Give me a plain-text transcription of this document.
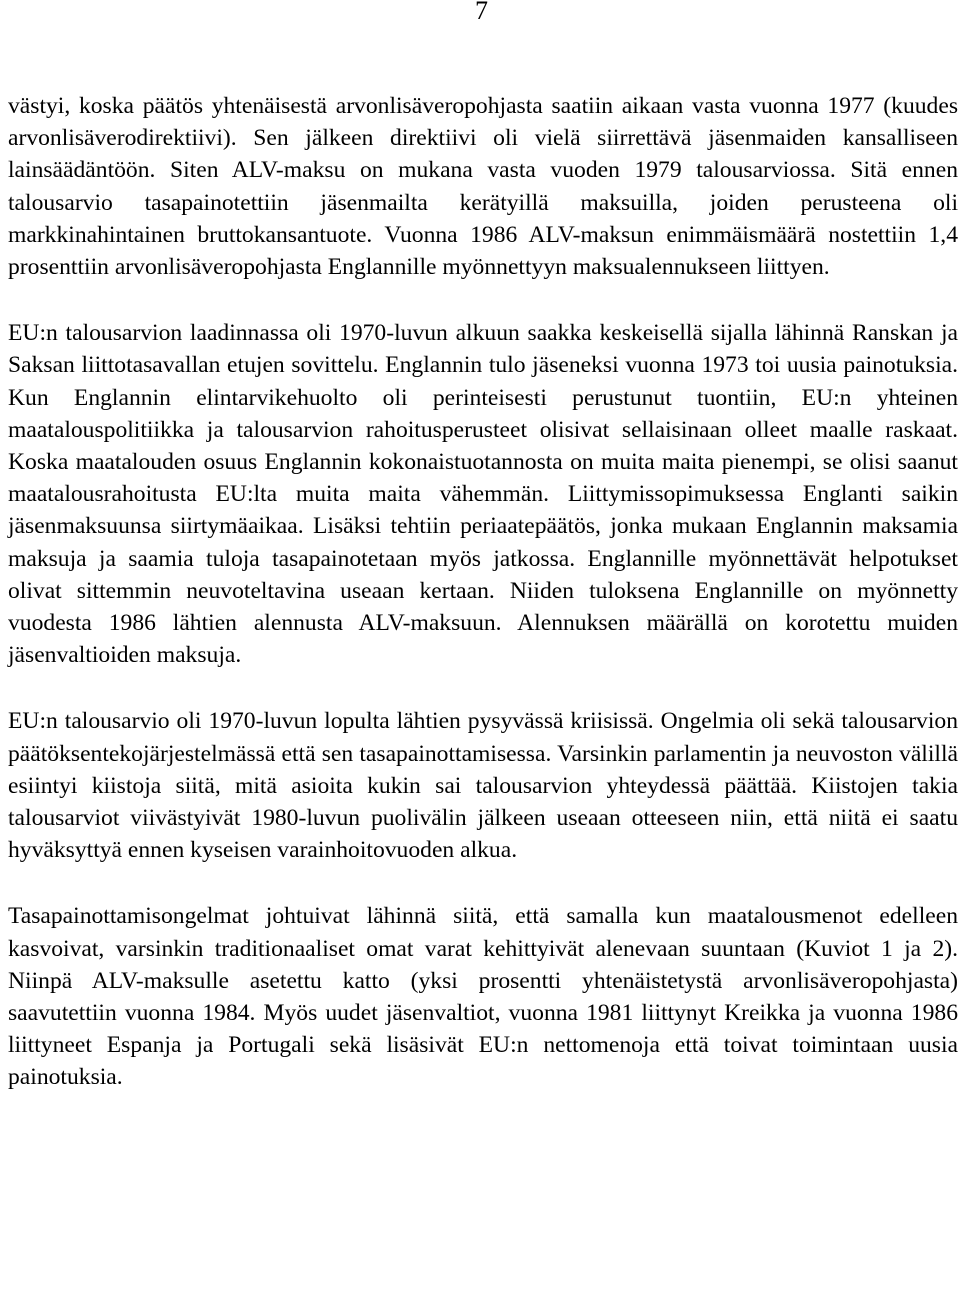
7

västyi, koska päätös yhtenäisestä arvonlisäveropohjasta saatiin aikaan vasta vuonna 1977 (kuudes arvonlisäverodirektiivi). Sen jälkeen direktiivi oli vielä siirrettävä jäsenmaiden kansalliseen lainsäädäntöön. Siten ALV-maksu on mukana vasta vuoden 1979 talousarviossa. Sitä ennen talousarvio tasapainotettiin jäsenmailta kerätyillä maksuilla, joiden perusteena oli markkinahintainen bruttokansantuote. Vuonna 1986 ALV-maksun enimmäismäärä nostettiin 1,4 prosenttiin arvonlisäveropohjasta Englannille myönnettyyn maksualennukseen liittyen.

EU:n talousarvion laadinnassa oli 1970-luvun alkuun saakka keskeisellä sijalla lähinnä Ranskan ja Saksan liittotasavallan etujen sovittelu. Englannin tulo jäseneksi vuonna 1973 toi uusia painotuksia. Kun Englannin elintarvikehuolto oli perinteisesti perustunut tuontiin, EU:n yhteinen maatalouspolitiikka ja talousarvion rahoitusperusteet olisivat sellaisinaan olleet maalle raskaat. Koska maatalouden osuus Englannin kokonaistuotannosta on muita maita pienempi, se olisi saanut maatalousrahoitusta EU:lta muita maita vähemmän. Liittymissopimuksessa Englanti saikin jäsenmaksuunsa siirtymäaikaa. Lisäksi tehtiin periaatepäätös, jonka mukaan Englannin maksamia maksuja ja saamia tuloja tasapainotetaan myös jatkossa. Englannille myönnettävät helpotukset olivat sittemmin neuvoteltavina useaan kertaan. Niiden tuloksena Englannille on myönnetty vuodesta 1986 lähtien alennusta ALV-maksuun. Alennuksen määrällä on korotettu muiden jäsenvaltioiden maksuja.

EU:n talousarvio oli 1970-luvun lopulta lähtien pysyvässä kriisissä. Ongelmia oli sekä talousarvion päätöksentekojärjestelmässä että sen tasapainottamisessa. Varsinkin parlamentin ja neuvoston välillä esiintyi kiistoja siitä, mitä asioita kukin sai talousarvion yhteydessä päättää. Kiistojen takia talousarviot viivästyivät 1980-luvun puolivälin jälkeen useaan otteeseen niin, että niitä ei saatu hyväksyttyä ennen kyseisen varainhoitovuoden alkua.

Tasapainottamisongelmat johtuivat lähinnä siitä, että samalla kun maatalousmenot edelleen kasvoivat, varsinkin traditionaaliset omat varat kehittyivät alenevaan suuntaan (Kuviot 1 ja 2). Niinpä ALV-maksulle asetettu katto (yksi prosentti yhtenäistetystä arvonlisäveropohjasta) saavutettiin vuonna 1984. Myös uudet jäsenvaltiot, vuonna 1981 liittynyt Kreikka ja vuonna 1986 liittyneet Espanja ja Portugali sekä lisäsivät EU:n nettomenoja että toivat toimintaan uusia painotuksia.
